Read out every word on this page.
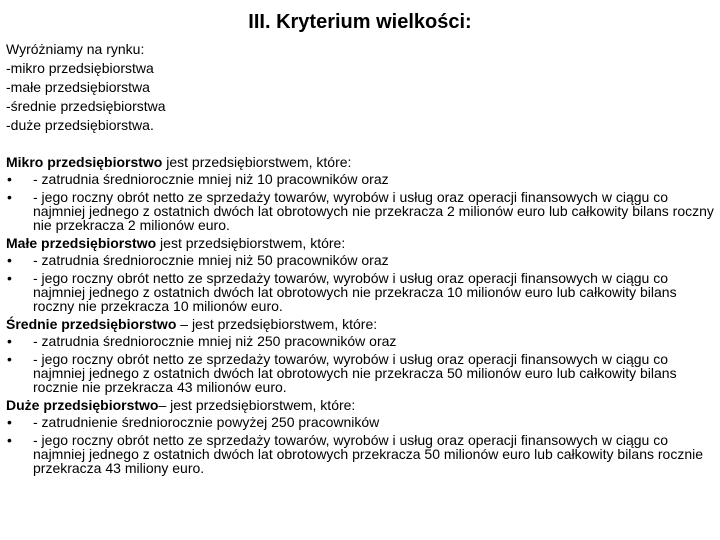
III. Kryterium wielkości:
Wyróżniamy na rynku:
-mikro przedsiębiorstwa
-małe przedsiębiorstwa
-średnie przedsiębiorstwa
-duże przedsiębiorstwa.
Mikro przedsiębiorstwo jest przedsiębiorstwem, które:
• - zatrudnia średniorocznie mniej niż 10 pracowników oraz
• - jego roczny obrót netto ze sprzedaży towarów, wyrobów i usług oraz operacji finansowych w ciągu co najmniej jednego z ostatnich dwóch lat obrotowych nie przekracza 2 milionów euro lub całkowity bilans roczny nie przekracza 2 milionów euro.
Małe przedsiębiorstwo jest przedsiębiorstwem, które:
• - zatrudnia średniorocznie mniej niż 50 pracowników oraz
• - jego roczny obrót netto ze sprzedaży towarów, wyrobów i usług oraz operacji finansowych w ciągu co najmniej jednego z ostatnich dwóch lat obrotowych nie przekracza 10 milionów euro lub całkowity bilans roczny nie przekracza 10 milionów euro.
Średnie przedsiębiorstwo – jest przedsiębiorstwem, które:
• - zatrudnia średniorocznie mniej niż 250 pracowników oraz
• - jego roczny obrót netto ze sprzedaży towarów, wyrobów i usług oraz operacji finansowych w ciągu co najmniej jednego z ostatnich dwóch lat obrotowych nie przekracza 50 milionów euro lub całkowity bilans rocznie nie przekracza 43 milionów euro.
Duże przedsiębiorstwo– jest przedsiębiorstwem, które:
• - zatrudnienie średniorocznie powyżej 250 pracowników
• - jego roczny obrót netto ze sprzedaży towarów, wyrobów i usług oraz operacji finansowych w ciągu co najmniej jednego z ostatnich dwóch lat obrotowych przekracza 50 milionów euro lub całkowity bilans rocznie przekracza 43 miliony euro.
